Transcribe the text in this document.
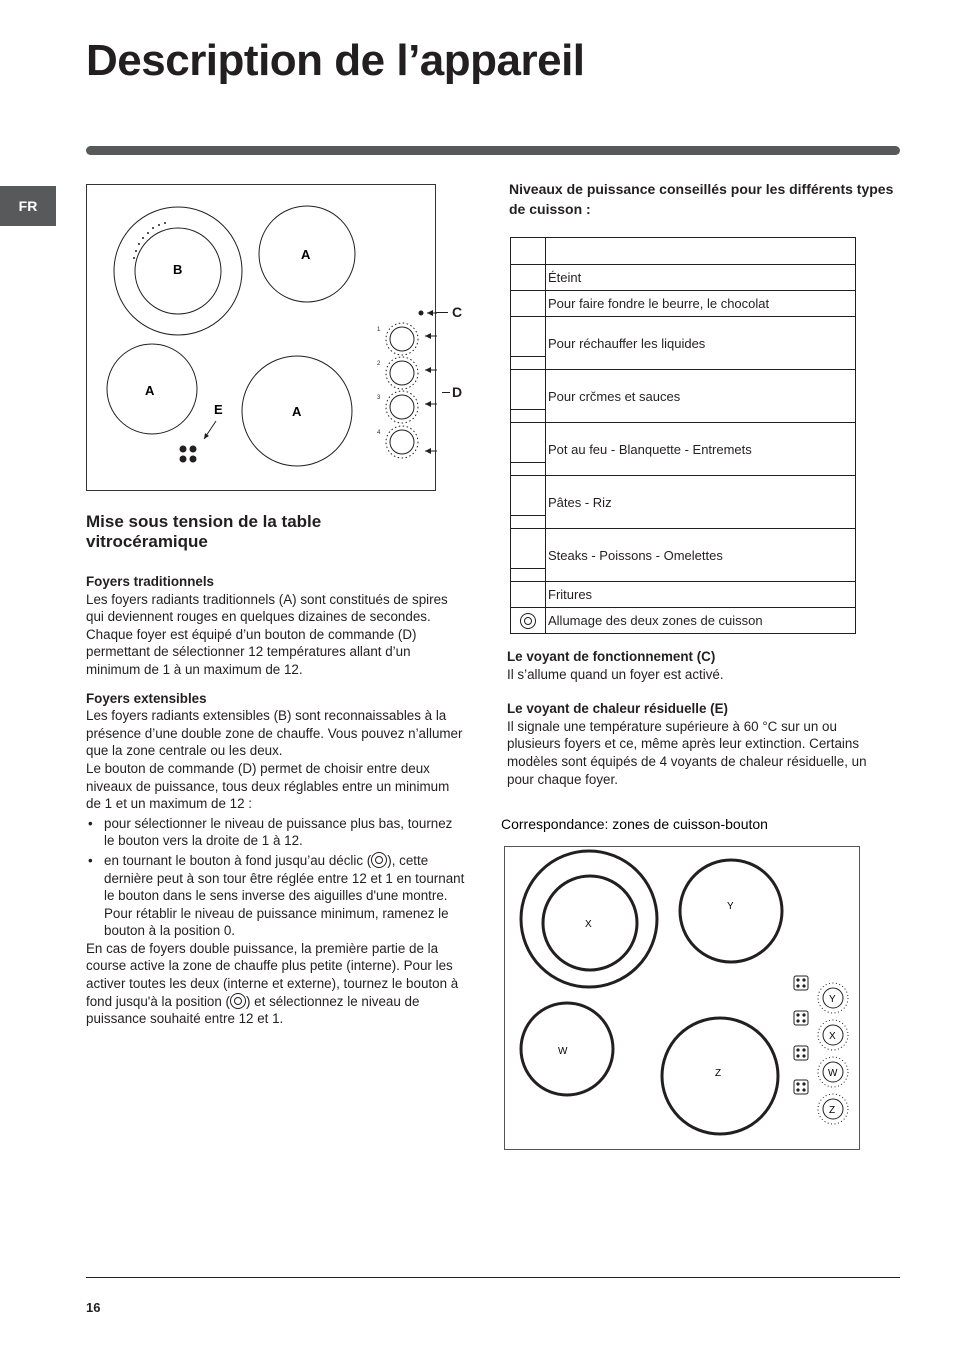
Description de l’appareil
FR
B
A
A
A
E
1
2
3
4
C
D
Mise sous tension de la table vitrocéramique
Foyers traditionnels

Les foyers radiants traditionnels (A) sont constitués de spires qui deviennent rouges en quelques dizaines de secondes.

Chaque foyer est équipé d’un bouton de commande (D) permettant de sélectionner 12 températures allant d’un minimum de 1 à un maximum de 12.

Foyers extensibles

Les foyers radiants extensibles (B) sont reconnaissables à la présence d’une double zone de chauffe. Vous pouvez n’allumer que la zone centrale ou les deux.

Le bouton de commande (D) permet de choisir entre deux niveaux de puissance, tous deux réglables entre un minimum de 1 et un maximum de 12 :

• pour sélectionner le niveau de puissance plus bas, tournez le bouton vers la droite de 1 à 12.
• en tournant le bouton à fond jusqu’au déclic ( ), cette dernière peut à son tour être réglée entre 12 et 1 en tournant le bouton dans le sens inverse des aiguilles d'une montre. Pour rétablir le niveau de puissance minimum, ramenez le bouton à la position 0.

En cas de foyers double puissance, la première partie de la course active la zone de chauffe plus petite (interne). Pour les activer toutes les deux (interne et externe), tournez le bouton à fond jusqu'à la position ( ) et sélectionnez le niveau de puissance souhaité entre 12 et 1.

Niveaux de puissance conseillés pour les différents types de cuisson :

	Éteint
	Pour faire fondre le beurre, le chocolat

	Pour réchauffer les liquides

	Pour crčmes et sauces

	Pot au feu - Blanquette - Entremets

	Pâtes - Riz

	Steaks - Poissons - Omelettes
	Fritures
	Allumage des deux zones de cuisson
Le voyant de fonctionnement (C)

Il s’allume quand un foyer est activé.

Le voyant de chaleur résiduelle (E)

Il signale une température supérieure à 60 °C sur un ou plusieurs foyers et ce, même après leur extinction. Certains modèles sont équipés de 4 voyants de chaleur résiduelle, un pour chaque foyer.

Correspondance: zones de cuisson-bouton
X
Y
W
Z
Y
X
W
Z
16
